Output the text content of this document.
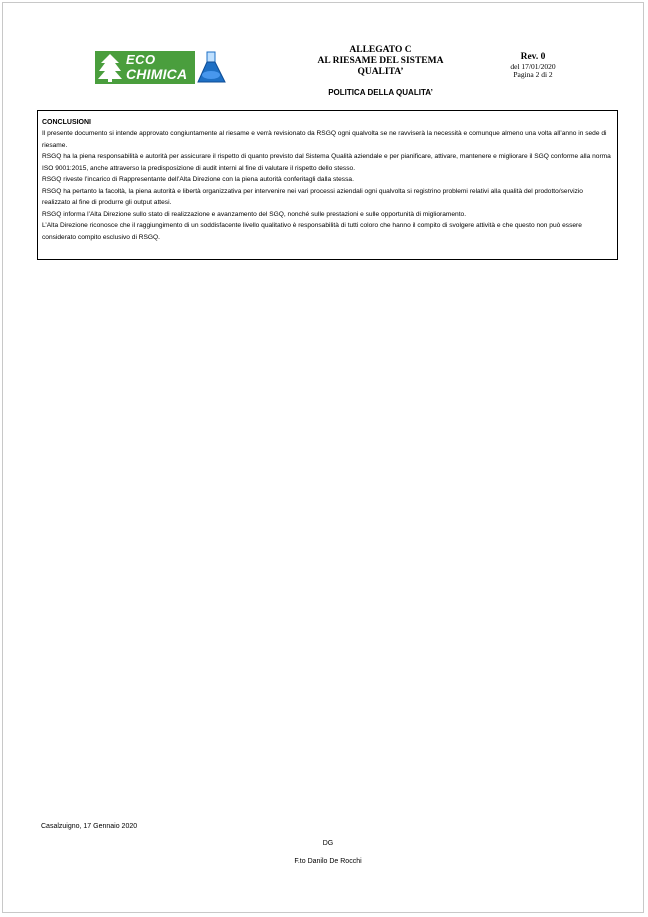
ECO
CHIMICA
ALLEGATO C
AL RIESAME DEL SISTEMA
QUALITA’
Rev. 0
del 17/01/2020
Pagina 2 di 2
POLITICA DELLA QUALITA’
CONCLUSIONI

Il presente documento si intende approvato congiuntamente al riesame e verrà revisionato da RSGQ ogni qualvolta se ne ravviserà la necessità e comunque almeno una volta all’anno in sede di riesame.

RSGQ ha la piena responsabilità e autorità per assicurare il rispetto di quanto previsto dal Sistema Qualità aziendale e per pianificare, attivare, mantenere e migliorare il SGQ conforme alla norma ISO 9001:2015, anche attraverso la predisposizione di audit interni al fine di valutare il rispetto dello stesso.

RSGQ riveste l’incarico di Rappresentante dell’Alta Direzione con la piena autorità conferitagli dalla stessa.

RSGQ ha pertanto la facoltà, la piena autorità e libertà organizzativa per intervenire nei vari processi aziendali ogni qualvolta si registrino problemi relativi alla qualità del prodotto/servizio realizzato al fine di produrre gli output attesi.

RSGQ informa l’Alta Direzione sullo stato di realizzazione e avanzamento del SGQ, nonché sulle prestazioni e sulle opportunità di miglioramento.

L’Alta Direzione riconosce che il raggiungimento di un soddisfacente livello qualitativo è responsabilità di tutti coloro che hanno il compito di svolgere attività e che questo non può essere considerato compito esclusivo di RSGQ.

Casalzuigno, 17 Gennaio 2020
DG
F.to Danilo De Rocchi
